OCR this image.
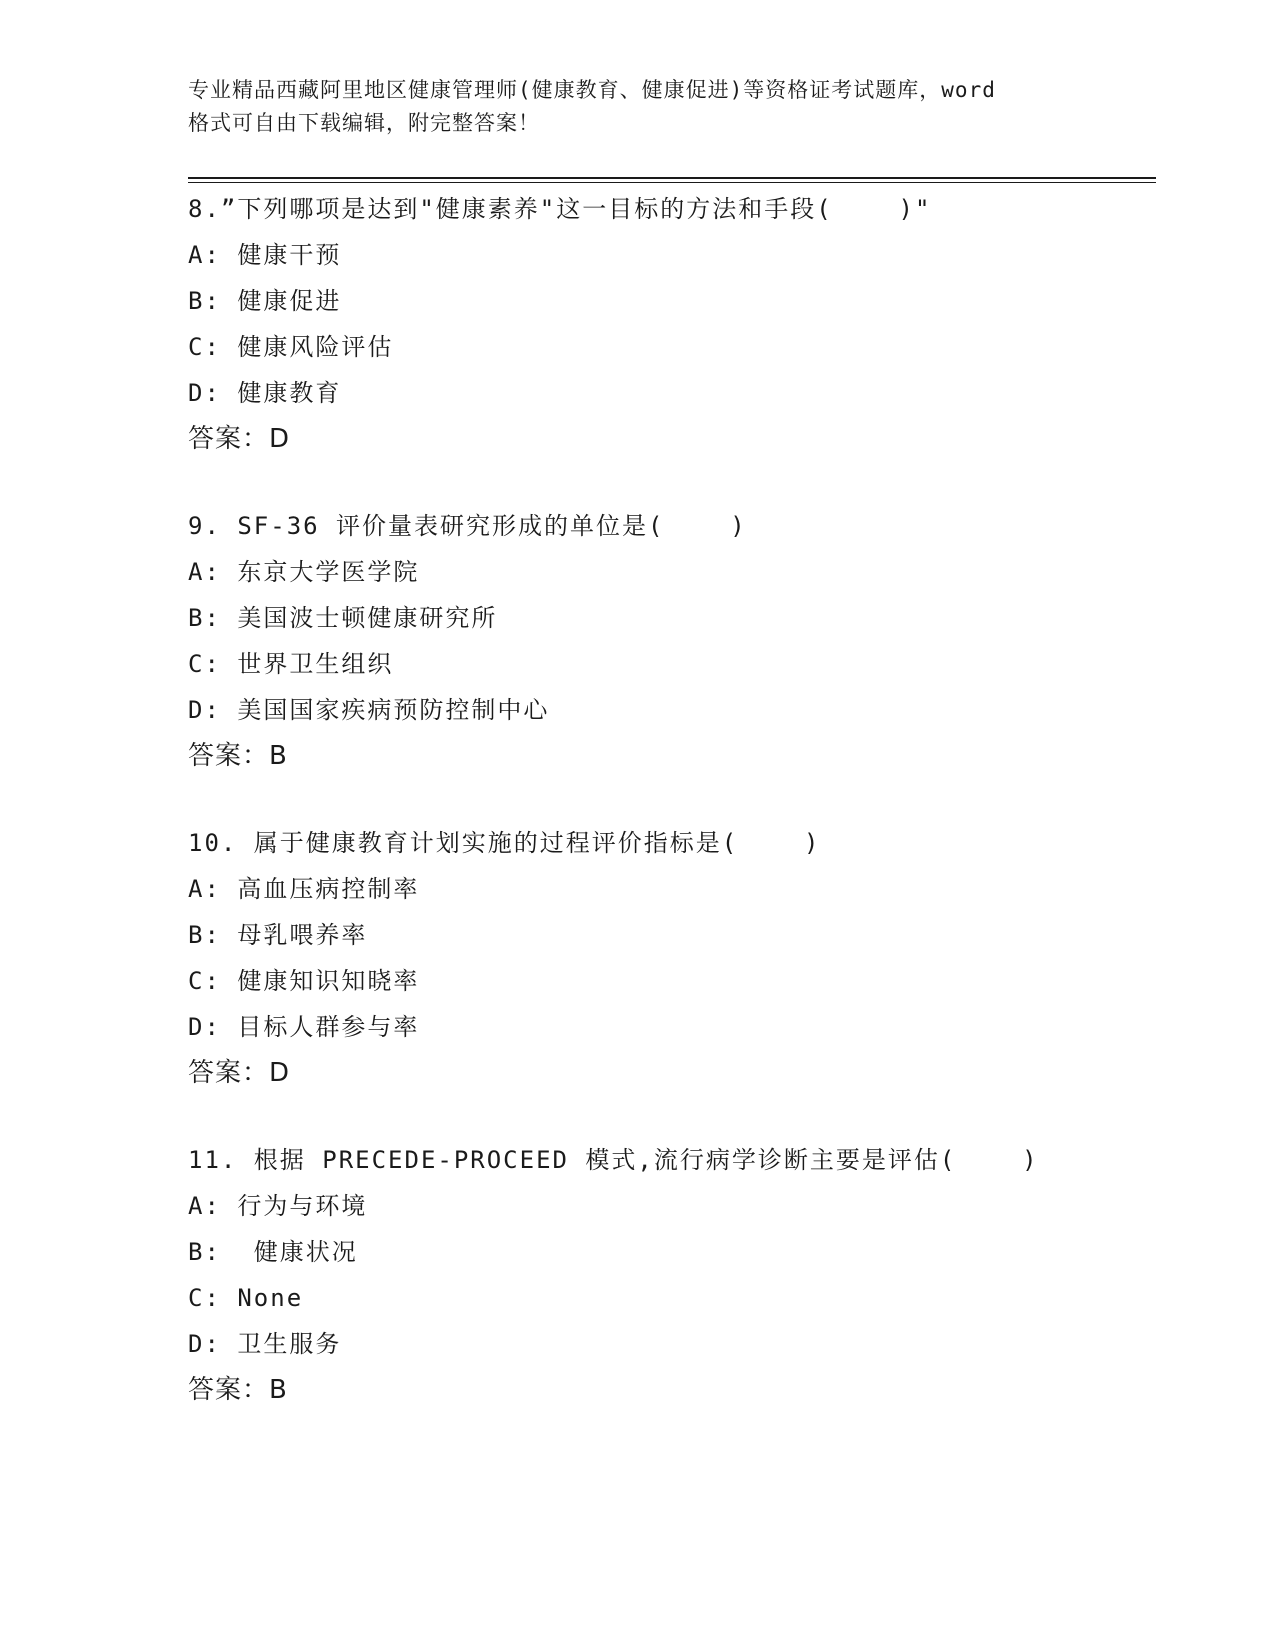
专业精品西藏阿里地区健康管理师(健康教育、健康促进)等资格证考试题库，word
格式可自由下载编辑，附完整答案！
8.”下列哪项是达到"健康素养"这一目标的方法和手段(    )"
A: 健康干预
B: 健康促进
C: 健康风险评估
D: 健康教育
答案：D
9. SF-36 评价量表研究形成的单位是(    )
A: 东京大学医学院
B: 美国波士顿健康研究所
C: 世界卫生组织
D: 美国国家疾病预防控制中心
答案：B
10. 属于健康教育计划实施的过程评价指标是(    )
A: 高血压病控制率
B: 母乳喂养率
C: 健康知识知晓率
D: 目标人群参与率
答案：D
11. 根据 PRECEDE-PROCEED 模式,流行病学诊断主要是评估(    )
A: 行为与环境
B:  健康状况
C: None
D: 卫生服务
答案：B
